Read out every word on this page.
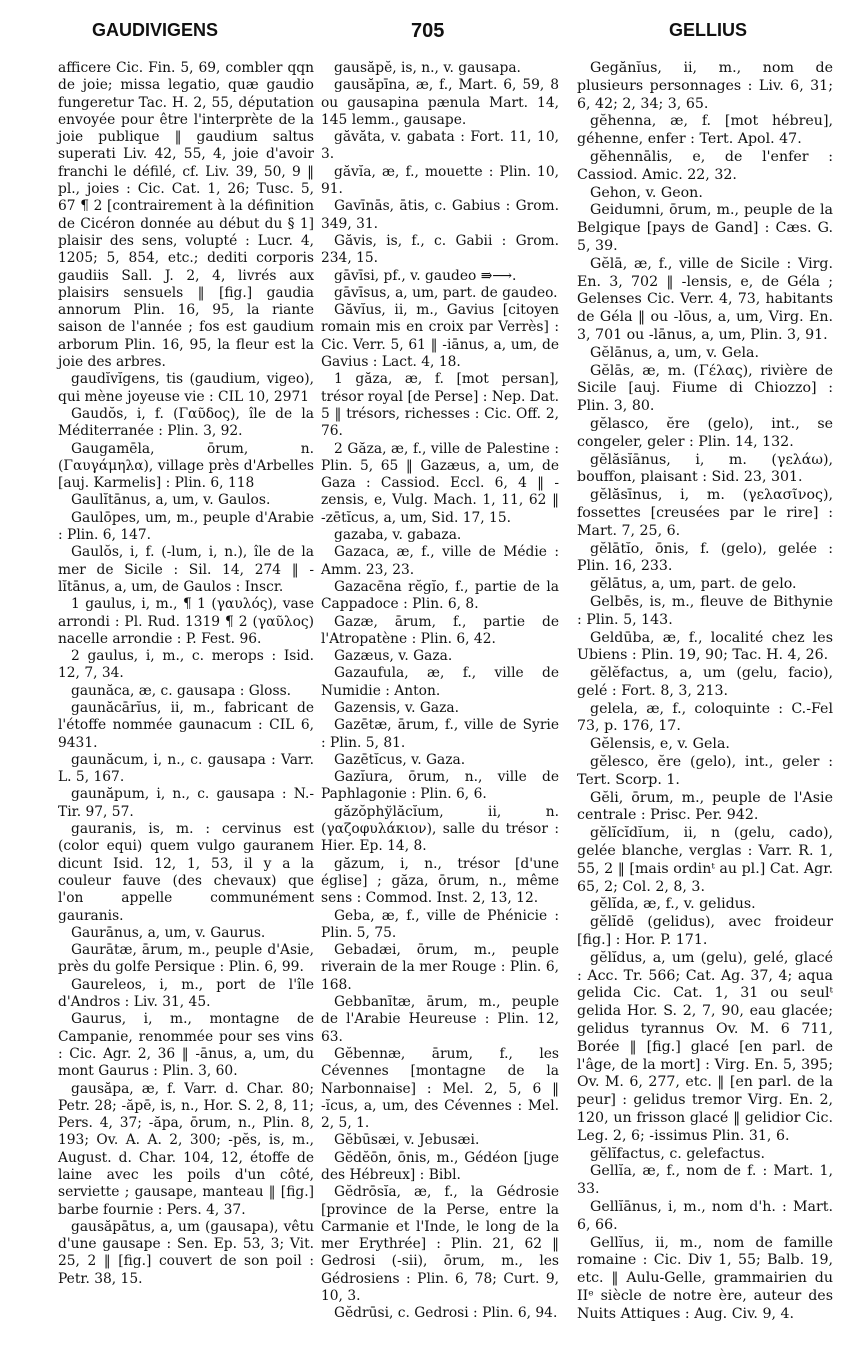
GAUDIVIGENS	705	GELLIUS

afficere Cic. Fin. 5, 69, combler qqn de joie; missa legatio, quæ gaudio fungeretur Tac. H. 2, 55, députation envoyée pour être l'interprète de la joie publique ‖ gaudium saltus superati Liv. 42, 55, 4, joie d'avoir franchi le défilé, cf. Liv. 39, 50, 9 ‖ pl., joies : Cic. Cat. 1, 26; Tusc. 5, 67 ¶ 2 [contrairement à la définition de Cicéron donnée au début du § 1] plaisir des sens, volupté : Lucr. 4, 1205; 5, 854, etc.; dediti corporis gaudiis Sall. J. 2, 4, livrés aux plaisirs sensuels ‖ [fig.] gaudia annorum Plin. 16, 95, la riante saison de l'année ; fos est gaudium arborum Plin. 16, 95, la fleur est la joie des arbres.

gaudĭvĭgens, tis (gaudium, vigeo), qui mène joyeuse vie : CIL 10, 2971

Gaudŏs, i, f. (Γαῦδος), île de la Méditerranée : Plin. 3, 92.

Gaugamēla, ōrum, n. (Γαυγάμηλα), village près d'Arbelles [auj. Karmelis] : Plin. 6, 118

Gaulĭtānus, a, um, v. Gaulos.

Gaulōpes, um, m., peuple d'Arabie : Plin. 6, 147.

Gaulŏs, i, f. (-lum, i, n.), île de la mer de Sicile : Sil. 14, 274 ‖ -lĭtānus, a, um, de Gaulos : Inscr.

1 gaulus, i, m., ¶ 1 (γαυλός), vase arrondi : Pl. Rud. 1319 ¶ 2 (γαῦλος) nacelle arrondie : P. Fest. 96.

2 gaulus, i, m., c. merops : Isid. 12, 7, 34.

gaunăca, æ, c. gausapa : Gloss.

gaunăcārĭus, ii, m., fabricant de l'étoffe nommée gaunacum : CIL 6, 9431.

gaunăcum, i, n., c. gausapa : Varr. L. 5, 167.

gaunăpum, i, n., c. gausapa : N.-Tir. 97, 57.

gauranis, is, m. : cervinus est (color equi) quem vulgo gauranem dicunt Isid. 12, 1, 53, il y a la couleur fauve (des chevaux) que l'on appelle communément gauranis.

Gaurānus, a, um, v. Gaurus.

Gaurātæ, ārum, m., peuple d'Asie, près du golfe Persique : Plin. 6, 99.

Gaureleos, i, m., port de l'île d'Andros : Liv. 31, 45.

Gaurus, i, m., montagne de Campanie, renommée pour ses vins : Cic. Agr. 2, 36 ‖ -ānus, a, um, du mont Gaurus : Plin. 3, 60.

gausăpa, æ, f. Varr. d. Char. 80; Petr. 28; -ăpē, is, n., Hor. S. 2, 8, 11; Pers. 4, 37; -ăpa, ōrum, n., Plin. 8, 193; Ov. A. A. 2, 300; -pĕs, is, m., August. d. Char. 104, 12, étoffe de laine avec les poils d'un côté, serviette ; gausape, manteau ‖ [fig.] barbe fournie : Pers. 4, 37.

gausăpātus, a, um (gausapa), vêtu d'une gausape : Sen. Ep. 53, 3; Vit. 25, 2 ‖ [fig.] couvert de son poil : Petr. 38, 15.

gausăpĕ, is, n., v. gausapa.

gausăpīna, æ, f., Mart. 6, 59, 8 ou gausapina pænula Mart. 14, 145 lemm., gausape.

găvăta, v. gabata : Fort. 11, 10, 3.

găvĭa, æ, f., mouette : Plin. 10, 91.

Gavīnās, ātis, c. Gabius : Grom. 349, 31.

Găvis, is, f., c. Gabii : Grom. 234, 15.

gāvīsi, pf., v. gaudeo ⇛⟶.

gāvīsus, a, um, part. de gaudeo.

Găvĭus, ii, m., Gavius [citoyen romain mis en croix par Verrès] : Cic. Verr. 5, 61 ‖ -iānus, a, um, de Gavius : Lact. 4, 18.

1 găza, æ, f. [mot persan], trésor royal [de Perse] : Nep. Dat. 5 ‖ trésors, richesses : Cic. Off. 2, 76.

2 Găza, æ, f., ville de Palestine : Plin. 5, 65 ‖ Gazæus, a, um, de Gaza : Cassiod. Eccl. 6, 4 ‖ -zensis, e, Vulg. Mach. 1, 11, 62 ‖ -zētĭcus, a, um, Sid. 17, 15.

gazaba, v. gabaza.

Gazaca, æ, f., ville de Médie : Amm. 23, 23.

Gazacēna rĕgĭo, f., partie de la Cappadoce : Plin. 6, 8.

Gazæ, ārum, f., partie de l'Atropatène : Plin. 6, 42.

Gazæus, v. Gaza.

Gazaufula, æ, f., ville de Numidie : Anton.

Gazensis, v. Gaza.

Gazētæ, ārum, f., ville de Syrie : Plin. 5, 81.

Gazētĭcus, v. Gaza.

Gazĭura, ōrum, n., ville de Paphlagonie : Plin. 6, 6.

găzŏphўlăcĭum, ii, n. (γαζοφυλάκιον), salle du trésor : Hier. Ep. 14, 8.

găzum, i, n., trésor [d'une église] ; găza, ōrum, n., même sens : Commod. Inst. 2, 13, 12.

Geba, æ, f., ville de Phénicie : Plin. 5, 75.

Gebadæi, ōrum, m., peuple riverain de la mer Rouge : Plin. 6, 168.

Gebbanītæ, ārum, m., peuple de l'Arabie Heureuse : Plin. 12, 63.

Gĕbennæ, ārum, f., les Cévennes [montagne de la Narbonnaise] : Mel. 2, 5, 6 ‖ -ĭcus, a, um, des Cévennes : Mel. 2, 5, 1.

Gĕbūsæi, v. Jebusæi.

Gĕdĕōn, ōnis, m., Gédéon [juge des Hébreux] : Bibl.

Gĕdrōsĭa, æ, f., la Gédrosie [province de la Perse, entre la Carmanie et l'Inde, le long de la mer Erythrée] : Plin. 21, 62 ‖ Gedrosi (-sii), ōrum, m., les Gédrosiens : Plin. 6, 78; Curt. 9, 10, 3.

Gĕdrūsi, c. Gedrosi : Plin. 6, 94.

Gegănĭus, ii, m., nom de plusieurs personnages : Liv. 6, 31; 6, 42; 2, 34; 3, 65.

gĕhenna, æ, f. [mot hébreu], géhenne, enfer : Tert. Apol. 47.

gĕhennālis, e, de l'enfer : Cassiod. Amic. 22, 32.

Gehon, v. Geon.

Geidumni, ōrum, m., peuple de la Belgique [pays de Gand] : Cæs. G. 5, 39.

Gĕlā, æ, f., ville de Sicile : Virg. En. 3, 702 ‖ -lensis, e, de Géla ; Gelenses Cic. Verr. 4, 73, habitants de Géla ‖ ou -lōus, a, um, Virg. En. 3, 701 ou -lānus, a, um, Plin. 3, 91.

Gĕlānus, a, um, v. Gela.

Gĕlās, æ, m. (Γέλας), rivière de Sicile [auj. Fiume di Chiozzo] : Plin. 3, 80.

gĕlasco, ĕre (gelo), int., se congeler, geler : Plin. 14, 132.

gĕlăsĭānus, i, m. (γελάω), bouffon, plaisant : Sid. 23, 301.

gĕlăsīnus, i, m. (γελασῖνος), fossettes [creusées par le rire] : Mart. 7, 25, 6.

gĕlātĭo, ōnis, f. (gelo), gelée : Plin. 16, 233.

gĕlātus, a, um, part. de gelo.

Gelbēs, is, m., fleuve de Bithynie : Plin. 5, 143.

Geldūba, æ, f., localité chez les Ubiens : Plin. 19, 90; Tac. H. 4, 26.

gĕlĕfactus, a, um (gelu, facio), gelé : Fort. 8, 3, 213.

gelela, æ, f., coloquinte : C.-Fel 73, p. 176, 17.

Gĕlensis, e, v. Gela.

gĕlesco, ĕre (gelo), int., geler : Tert. Scorp. 1.

Gĕli, ōrum, m., peuple de l'Asie centrale : Prisc. Per. 942.

gĕlĭcĭdĭum, ii, n (gelu, cado), gelée blanche, verglas : Varr. R. 1, 55, 2 ‖ [mais ordinᵗ au pl.] Cat. Agr. 65, 2; Col. 2, 8, 3.

gĕlĭda, æ, f., v. gelidus.

gĕlĭdē (gelidus), avec froideur [fig.] : Hor. P. 171.

gĕlĭdus, a, um (gelu), gelé, glacé : Acc. Tr. 566; Cat. Ag. 37, 4; aqua gelida Cic. Cat. 1, 31 ou seulᵗ gelida Hor. S. 2, 7, 90, eau glacée; gelidus tyrannus Ov. M. 6 711, Borée ‖ [fig.] glacé [en parl. de l'âge, de la mort] : Virg. En. 5, 395; Ov. M. 6, 277, etc. ‖ [en parl. de la peur] : gelidus tremor Virg. En. 2, 120, un frisson glacé ‖ gelidior Cic. Leg. 2, 6; -issimus Plin. 31, 6.

gĕlĭfactus, c. gelefactus.

Gellĭa, æ, f., nom de f. : Mart. 1, 33.

Gellĭānus, i, m., nom d'h. : Mart. 6, 66.

Gellĭus, ii, m., nom de famille romaine : Cic. Div 1, 55; Balb. 19, etc. ‖ Aulu-Gelle, grammairien du IIᵉ siècle de notre ère, auteur des Nuits Attiques : Aug. Civ. 9, 4.
